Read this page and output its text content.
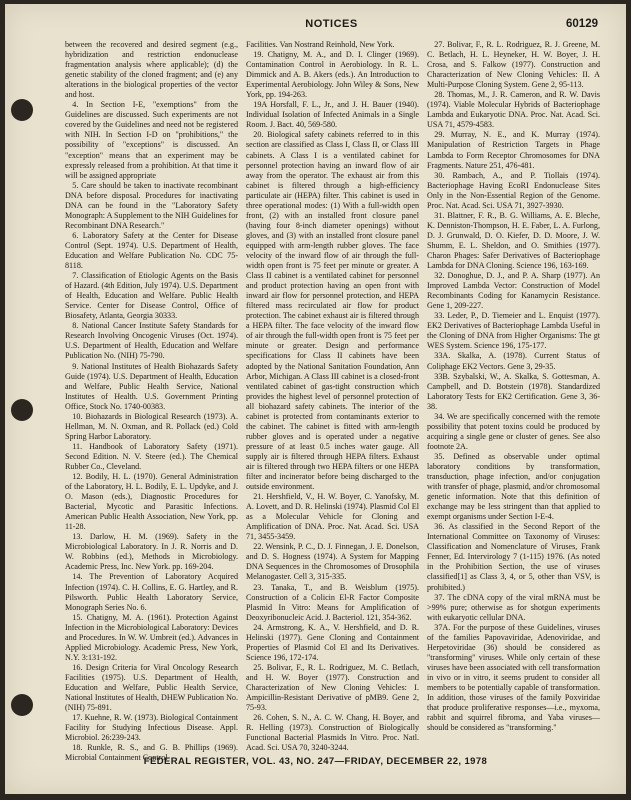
NOTICES	60129

between the recovered and desired segment (e.g., hybridization and restriction endonuclease fragmentation analysis where applicable); (d) the genetic stability of the cloned fragment; and (e) any alterations in the biological properties of the vector and host.

4. In Section I-E, "exemptions" from the Guidelines are discussed. Such experiments are not covered by the Guidelines and need not be registered with NIH. In Section I-D on "prohibitions," the possibility of "exceptions" is discussed. An "exception" means that an experiment may be expressly released from a prohibition. At that time it will be assigned appropriate

5. Care should be taken to inactivate recombinant DNA before disposal. Procedures for inactivating DNA can be found in the "Laboratory Safety Monograph: A Supplement to the NIH Guidelines for Recombinant DNA Research."

6. Laboratory Safety at the Center for Disease Control (Sept. 1974). U.S. Department of Health, Education and Welfare Publication No. CDC 75-8118.

7. Classification of Etiologic Agents on the Basis of Hazard. (4th Edition, July 1974). U.S. Department of Health, Education and Welfare. Public Health Service. Center for Disease Control, Office of Biosafety, Atlanta, Georgia 30333.

8. National Cancer Institute Safety Standards for Research Involving Oncogenic Viruses (Oct. 1974). U.S. Department of Health, Education and Welfare Publication No. (NIH) 75-790.

9. National Institutes of Health Biohazards Safety Guide (1974). U.S. Department of Health, Education and Welfare, Public Health Service, National Institutes of Health. U.S. Government Printing Office, Stock No. 1740-00383.

10. Biohazards in Biological Research (1973). A. Hellman, M. N. Oxman, and R. Pollack (ed.) Cold Spring Harbor Laboratory.

11. Handbook of Laboratory Safety (1971). Second Edition. N. V. Steere (ed.). The Chemical Rubber Co., Cleveland.

12. Bodily, H. L. (1970). General Administration of the Laboratory, H. L. Bodily, E. L. Updyke, and J. O. Mason (eds.), Diagnostic Procedures for Bacterial, Mycotic and Parasitic Infections. American Public Health Association, New York, pp. 11-28.

13. Darlow, H. M. (1969). Safety in the Microbiological Laboratory. In J. R. Norris and D. W. Robbins (ed.), Methods in Microbiology. Academic Press, Inc. New York. pp. 169-204.

14. The Prevention of Laboratory Acquired Infection (1974). C. H. Collins, E. G. Hartley, and R. Pilsworth. Public Health Laboratory Service, Monograph Series No. 6.

15. Chatigny, M. A. (1961). Protection Against Infection in the Microbiological Laboratory: Devices and Procedures. In W. W. Umbreit (ed.). Advances in Applied Microbiology. Academic Press, New York, N.Y. 3:131-192.

16. Design Criteria for Viral Oncology Research Facilities (1975). U.S. Department of Health, Education and Welfare, Public Health Service, National Institutes of Health, DHEW Publication No. (NIH) 75-891.

17. Kuehne, R. W. (1973). Biological Containment Facility for Studying Infectious Disease. Appl. Microbiol. 26:239-243.

18. Runkle, R. S., and G. B. Phillips (1969). Microbial Containment Control

Facilities. Van Nostrand Reinhold, New York.

19. Chatigny, M. A., and D. I. Clinger (1969). Contamination Control in Aerobiology. In R. L. Dimmick and A. B. Akers (eds.). An Introduction to Experimental Aerobiology. John Wiley & Sons, New York, pp. 194-263.

19A Horsfall, F. L., Jr., and J. H. Bauer (1940). Individual Isolation of Infected Animals in a Single Room. J. Bact. 40, 569-580.

20. Biological safety cabinets referred to in this section are classified as Class I, Class II, or Class III cabinets. A Class I is a ventilated cabinet for personnel protection having an inward flow of air away from the operator. The exhaust air from this cabinet is filtered through a high-efficiency particulate air (HEPA) filter. This cabinet is used in three operational modes: (1) With a full-width open front, (2) with an installed front closure panel (having four 8-inch diameter openings) without gloves, and (3) with an installed front closure panel equipped with arm-length rubber gloves. The face velocity of the inward flow of air through the full-width open front is 75 feet per minute or greater. A Class II cabinet is a ventilated cabinet for personnel and product protection having an open front with inward air flow for personnel protection, and HEPA filtered mass recirculated air flow for product protection. The cabinet exhaust air is filtered through a HEPA filter. The face velocity of the inward flow of air through the full-width open front is 75 feet per minute or greater. Design and performance specifications for Class II cabinets have been adopted by the National Sanitation Foundation, Ann Arbor, Michigan. A Class III cabinet is a closed-front ventilated cabinet of gas-tight construction which provides the highest level of personnel protection of all biohazard safety cabinets. The interior of the cabinet is protected from contaminants exterior to the cabinet. The cabinet is fitted with arm-length rubber gloves and is operated under a negative pressure of at least 0.5 inches water gauge. All supply air is filtered through HEPA filters. Exhaust air is filtered through two HEPA filters or one HEPA filter and incinerator before being discharged to the outside environment.

21. Hershfield, V., H. W. Boyer, C. Yanofsky, M. A. Lovett, and D. R. Helinski (1974). Plasmid Col El as a Molecular Vehicle for Cloning and Amplification of DNA. Proc. Nat. Acad. Sci. USA 71, 3455-3459.

22. Wensink, P. C., D. J. Finnegan, J. E. Donelson, and D. S. Hogness (1974). A System for Mapping DNA Sequences in the Chromosomes of Drosophila Melanogaster. Cell 3, 315-335.

23. Tanaka, T., and B. Weisblum (1975). Construction of a Colicin El-R Factor Composite Plasmid In Vitro: Means for Amplification of Deoxyribonucleic Acid. J. Bacteriol. 121, 354-362.

24. Armstrong, K. A., V. Hershfield, and D. R. Helinski (1977). Gene Cloning and Containment Properties of Plasmid Col El and Its Derivatives. Science 196, 172-174.

25. Bolivar, F., R. L. Rodriguez, M. C. Betlach, and H. W. Boyer (1977). Construction and Characterization of New Cloning Vehicles: I. Ampicillin-Resistant Derivative of pMB9. Gene 2, 75-93.

26. Cohen, S. N., A. C. W. Chang, H. Boyer, and R. Helling (1973). Construction of Biologically Functional Bacterial Plasmids In Vitro. Proc. Natl. Acad. Sci. USA 70, 3240-3244.

27. Bolivar, F., R. L. Rodriguez, R. J. Greene, M. C. Betlach, H. L. Heyneker, H. W. Boyer, J. H. Crosa, and S. Falkow (1977). Construction and Characterization of New Cloning Vehicles: II. A Multi-Purpose Cloning System. Gene 2, 95-113.

28. Thomas, M., J. R. Cameron, and R. W. Davis (1974). Viable Molecular Hybrids of Bacteriophage Lambda and Eukaryotic DNA. Proc. Nat. Acad. Sci. USA 71, 4579-4583.

29. Murray, N. E., and K. Murray (1974). Manipulation of Restriction Targets in Phage Lambda to Form Receptor Chromosomes for DNA Fragments. Nature 251, 476-481.

30. Rambach, A., and P. Tiollais (1974). Bacteriophage Having EcoRI Endonuclease Sites Only in the Non-Essential Region of the Genome. Proc. Nat. Acad. Sci. USA 71, 3927-3930.

31. Blattner, F. R., B. G. Williams, A. E. Bleche, K. Denniston-Thompson, H. E. Faber, L. A. Furlong, D. J. Grunwald, D. O. Kiefer, D. D. Moore, J. W. Shumm, E. L. Sheldon, and O. Smithies (1977). Charon Phages: Safer Derivatives of Bacteriophage Lambda for DNA Cloning. Science 196, 163-169.

32. Donoghue, D. J., and P. A. Sharp (1977). An Improved Lambda Vector: Construction of Model Recombinants Coding for Kanamycin Resistance. Gene 1, 209-227.

33. Leder, P., D. Tiemeier and L. Enquist (1977). EK2 Derivatives of Bacteriophage Lambda Useful in the Cloning of DNA from Higher Organisms: The gt WES System. Science 196, 175-177.

33A. Skalka, A. (1978). Current Status of Coliphage EK2 Vectors. Gene 3, 29-35.

33B. Szybalski, W., A. Skalka, S. Gottesman, A. Campbell, and D. Botstein (1978). Standardized Laboratory Tests for EK2 Certification. Gene 3, 36-38.

34. We are specifically concerned with the remote possibility that potent toxins could be produced by acquiring a single gene or cluster of genes. See also footnote 2A.

35. Defined as observable under optimal laboratory conditions by transformation, transduction, phage infection, and/or conjugation with transfer of phage, plasmid, and/or chromosomal genetic information. Note that this definition of exchange may be less stringent than that applied to exempt organisms under Section I-E-4.

36. As classified in the Second Report of the International Committee on Taxonomy of Viruses: Classification and Nomenclature of Viruses, Frank Fenner, Ed. Intervirology 7 (1-115) 1976. (As noted in the Prohibition Section, the use of viruses classified[1] as Class 3, 4, or 5, other than VSV, is prohibited.)

37. The cDNA copy of the viral mRNA must be >99% pure; otherwise as for shotgun experiments with eukaryotic cellular DNA.

37A. For the purpose of these Guidelines, viruses of the families Papovaviridae, Adenoviridae, and Herpetoviridae (36) should be considered as "transforming" viruses. While only certain of these viruses have been associated with cell transformation in vivo or in vitro, it seems prudent to consider all members to be potentially capable of transformation. In addition, those viruses of the family Poxviridae that produce proliferative responses—i.e., myxoma, rabbit and squirrel fibroma, and Yaba viruses—should be considered as "transforming."

FEDERAL REGISTER, VOL. 43, NO. 247—FRIDAY, DECEMBER 22, 1978
